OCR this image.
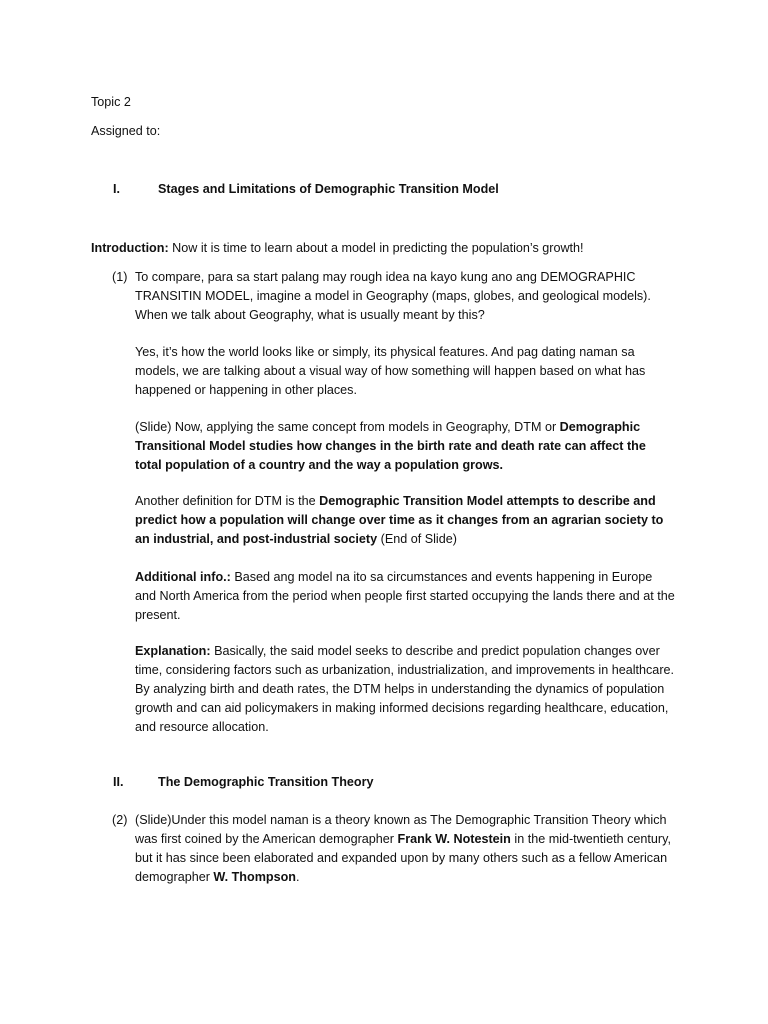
Topic 2

Assigned to:

I.	Stages and Limitations of Demographic Transition Model

Introduction: Now it is time to learn about a model in predicting the population’s growth!

(1) To compare, para sa start palang may rough idea na kayo kung ano ang DEMOGRAPHIC TRANSITIN MODEL, imagine a model in Geography (maps, globes, and geological models). When we talk about Geography, what is usually meant by this?

Yes, it’s how the world looks like or simply, its physical features. And pag dating naman sa models, we are talking about a visual way of how something will happen based on what has happened or happening in other places.

(Slide) Now, applying the same concept from models in Geography, DTM or Demographic Transitional Model studies how changes in the birth rate and death rate can affect the total population of a country and the way a population grows.

Another definition for DTM is the Demographic Transition Model attempts to describe and predict how a population will change over time as it changes from an agrarian society to an industrial, and post-industrial society (End of Slide)

Additional info.: Based ang model na ito sa circumstances and events happening in Europe and North America from the period when people first started occupying the lands there and at the present.

Explanation: Basically, the said model seeks to describe and predict population changes over time, considering factors such as urbanization, industrialization, and improvements in healthcare. By analyzing birth and death rates, the DTM helps in understanding the dynamics of population growth and can aid policymakers in making informed decisions regarding healthcare, education, and resource allocation.

II.	The Demographic Transition Theory
(2) (Slide)Under this model naman is a theory known as The Demographic Transition Theory which was first coined by the American demographer Frank W. Notestein in the mid-twentieth century, but it has since been elaborated and expanded upon by many others such as a fellow American demographer W. Thompson.
